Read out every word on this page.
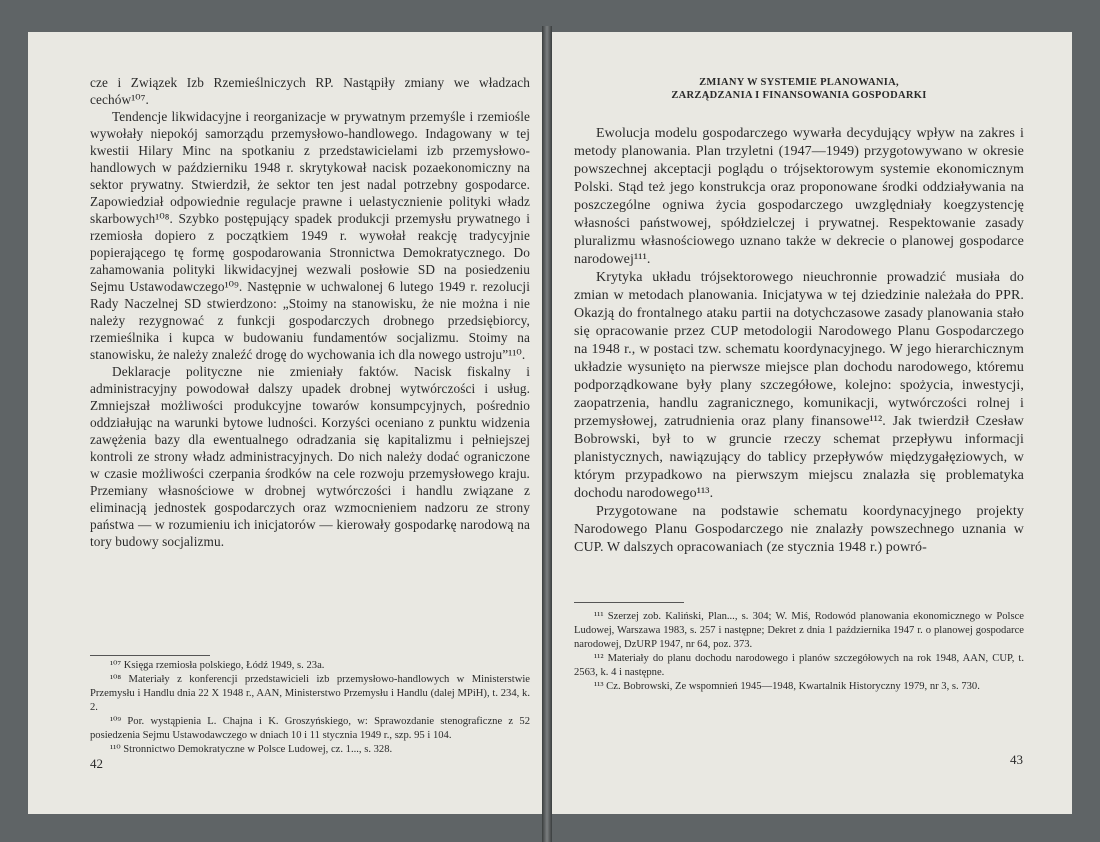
cze i Związek Izb Rzemieślniczych RP. Nastąpiły zmiany we władzach cechów¹⁰⁷.

Tendencje likwidacyjne i reorganizacje w prywatnym przemyśle i rzemiośle wywołały niepokój samorządu przemysłowo-handlowego. Indagowany w tej kwestii Hilary Minc na spotkaniu z przedstawicielami izb przemysłowo-handlowych w październiku 1948 r. skrytykował nacisk pozaekonomiczny na sektor prywatny. Stwierdził, że sektor ten jest nadal potrzebny gospodarce. Zapowiedział odpowiednie regulacje prawne i uelastycznienie polityki władz skarbowych¹⁰⁸. Szybko postępujący spadek produkcji przemysłu prywatnego i rzemiosła dopiero z początkiem 1949 r. wywołał reakcję tradycyjnie popierającego tę formę gospodarowania Stronnictwa Demokratycznego. Do zahamowania polityki likwidacyjnej wezwali posłowie SD na posiedzeniu Sejmu Ustawodawczego¹⁰⁹. Następnie w uchwalonej 6 lutego 1949 r. rezolucji Rady Naczelnej SD stwierdzono: „Stoimy na stanowisku, że nie można i nie należy rezygnować z funkcji gospodarczych drobnego przedsiębiorcy, rzemieślnika i kupca w budowaniu fundamentów socjalizmu. Stoimy na stanowisku, że należy znaleźć drogę do wychowania ich dla nowego ustroju”¹¹⁰.

Deklaracje polityczne nie zmieniały faktów. Nacisk fiskalny i administracyjny powodował dalszy upadek drobnej wytwórczości i usług. Zmniejszał możliwości produkcyjne towarów konsumpcyjnych, pośrednio oddziałując na warunki bytowe ludności. Korzyści oceniano z punktu widzenia zawężenia bazy dla ewentualnego odradzania się kapitalizmu i pełniejszej kontroli ze strony władz administracyjnych. Do nich należy dodać ograniczone w czasie możliwości czerpania środków na cele rozwoju przemysłowego kraju. Przemiany własnościowe w drobnej wytwórczości i handlu związane z eliminacją jednostek gospodarczych oraz wzmocnieniem nadzoru ze strony państwa — w rozumieniu ich inicjatorów — kierowały gospodarkę narodową na tory budowy socjalizmu.

¹⁰⁷ Księga rzemiosła polskiego, Łódź 1949, s. 23a.

¹⁰⁸ Materiały z konferencji przedstawicieli izb przemysłowo-handlowych w Ministerstwie Przemysłu i Handlu dnia 22 X 1948 r., AAN, Ministerstwo Przemysłu i Handlu (dalej MPiH), t. 234, k. 2.

¹⁰⁹ Por. wystąpienia L. Chajna i K. Groszyńskiego, w: Sprawozdanie stenograficzne z 52 posiedzenia Sejmu Ustawodawczego w dniach 10 i 11 stycznia 1949 r., szp. 95 i 104.

¹¹⁰ Stronnictwo Demokratyczne w Polsce Ludowej, cz. 1..., s. 328.

42
ZMIANY W SYSTEMIE PLANOWANIA,
ZARZĄDZANIA I FINANSOWANIA GOSPODARKI

Ewolucja modelu gospodarczego wywarła decydujący wpływ na zakres i metody planowania. Plan trzyletni (1947—1949) przygotowywano w okresie powszechnej akceptacji poglądu o trójsektorowym systemie ekonomicznym Polski. Stąd też jego konstrukcja oraz proponowane środki oddziaływania na poszczególne ogniwa życia gospodarczego uwzględniały koegzystencję własności państwowej, spółdzielczej i prywatnej. Respektowanie zasady pluralizmu własnościowego uznano także w dekrecie o planowej gospodarce narodowej¹¹¹.

Krytyka układu trójsektorowego nieuchronnie prowadzić musiała do zmian w metodach planowania. Inicjatywa w tej dziedzinie należała do PPR. Okazją do frontalnego ataku partii na dotychczasowe zasady planowania stało się opracowanie przez CUP metodologii Narodowego Planu Gospodarczego na 1948 r., w postaci tzw. schematu koordynacyjnego. W jego hierarchicznym układzie wysunięto na pierwsze miejsce plan dochodu narodowego, któremu podporządkowane były plany szczegółowe, kolejno: spożycia, inwestycji, zaopatrzenia, handlu zagranicznego, komunikacji, wytwórczości rolnej i przemysłowej, zatrudnienia oraz plany finansowe¹¹². Jak twierdził Czesław Bobrowski, był to w gruncie rzeczy schemat przepływu informacji planistycznych, nawiązujący do tablicy przepływów międzygałęziowych, w którym przypadkowo na pierwszym miejscu znalazła się problematyka dochodu narodowego¹¹³.

Przygotowane na podstawie schematu koordynacyjnego projekty Narodowego Planu Gospodarczego nie znalazły powszechnego uznania w CUP. W dalszych opracowaniach (ze stycznia 1948 r.) powró-

¹¹¹ Szerzej zob. Kaliński, Plan..., s. 304; W. Miś, Rodowód planowania ekonomicznego w Polsce Ludowej, Warszawa 1983, s. 257 i następne; Dekret z dnia 1 października 1947 r. o planowej gospodarce narodowej, DzURP 1947, nr 64, poz. 373.

¹¹² Materiały do planu dochodu narodowego i planów szczegółowych na rok 1948, AAN, CUP, t. 2563, k. 4 i następne.

¹¹³ Cz. Bobrowski, Ze wspomnień 1945—1948, Kwartalnik Historyczny 1979, nr 3, s. 730.

43
